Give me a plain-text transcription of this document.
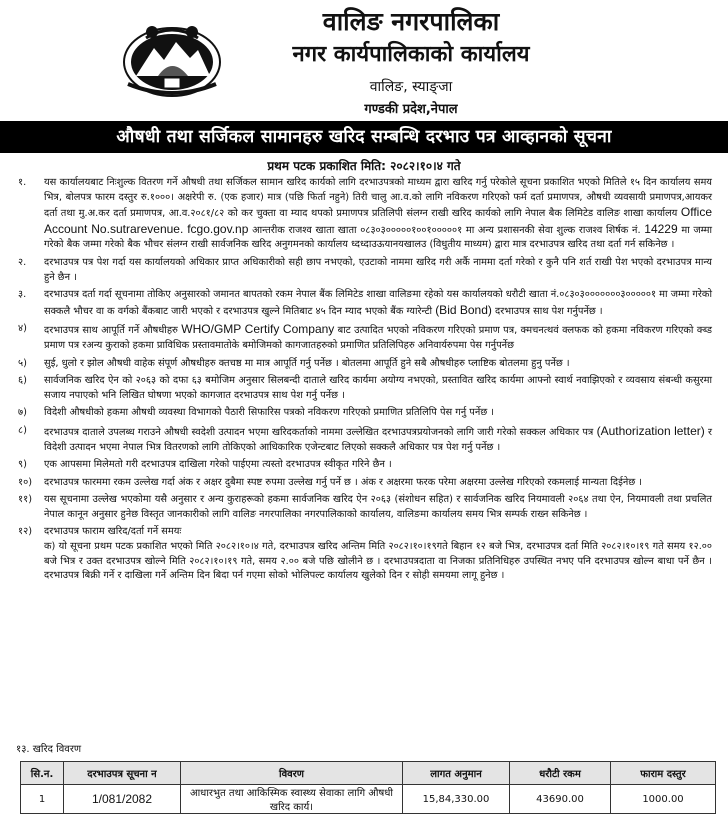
वालिङ नगरपालिका
नगर कार्यपालिकाको कार्यालय
वालिङ, स्याङ्जा
गण्डकी प्रदेश,नेपाल
औषधी तथा सर्जिकल सामानहरु खरिद सम्बन्धि दरभाउ पत्र आव्हानको सूचना
प्रथम पटक प्रकाशित मिति: २०८२।१०।४ गते
१.	यस कार्यालयबाट निःशुल्क वितरण गर्ने औषधी तथा सर्जिकल सामान खरिद कार्यको लागि दरभाउपत्रको माध्यम द्वारा खरिद गर्नु परेकोले सूचना प्रकाशित भएको मितिले १५ दिन कार्यालय समय भित्र, बोलपत्र फारम दस्तुर रु.१०००। अक्षरेपी रु. (एक हजार) मात्र (पछि फिर्ता नहुने) तिरी चालु आ.व.को लागि नविकरण गरिएको फर्म दर्ता प्रमाणपत्र, औषधी व्यवसायी प्रमाणपत्र,आयकर दर्ता तथा मु.अ.कर दर्ता प्रमाणपत्र, आ.व.२०८१/८२ को कर चुक्ता वा म्याद थपको प्रमाणपत्र प्रतिलिपी संलग्न राखी खरिद कार्यको लागि नेपाल बैक लिमिटेड वालिङ शाखा कार्यालय Office Account No.sutrarevenue. fcgo.gov.np आन्तरीक राजश्व खाता खाता ०८३०३०००००१००१०००००१ मा अन्य प्रशासनकी सेवा शुल्क राजश्व शिर्षक नं. 14229 मा जम्मा गरेको बैक जम्मा गरेको बैक भौचर संलग्न राखी सार्वजनिक खरिद अनुगमनको कार्यालय ध्दध्दाउऊयानयखालउ (विधुतीय माध्यम) द्वारा मात्र दरभाउपत्र खरिद तथा दर्ता गर्न सकिनेछ ।
२.	दरभाउपत्र पत्र पेश गर्दा यस कार्यालयको अधिकार प्राप्त अधिकारीको सही छाप नभएको, एउटाको नाममा खरिद गरी अर्कै नाममा दर्ता गरेको र कुनै पनि शर्त राखी पेश भएको दरभाउपत्र मान्य हुने छैन ।
३.	दरभाउपत्र दर्ता गर्दा सूचनामा तोकिए अनुसारको जमानत बापतको रकम नेपाल बैंक लिमिटेड शाखा वालिङमा रहेको यस कार्यालयको धरौटी खाता नं.०८३०३०००००००३०००००१ मा जम्मा गरेको सक्कलै भौचर वा क वर्गको बैंकबाट जारी भएको र दरभाउपत्र खुल्ने मितिबाट ४५ दिन म्याद भएको बैंक ग्यारेन्टी (Bid Bond) दरभाउपत्र साथ पेश गर्नुपर्नेछ ।
४)	दरभाउपत्र साथ आपूर्ति गर्ने औषधीहरु WHO/GMP Certify Company बाट उत्पादित भएको नविकरण गरिएको प्रमाण पत्र, क्मचनत्थवं क्लफक को हकमा नविकरण गरिएको क्ब्ड प्रमाण पत्र रअन्य कुराको हकमा प्राविधिक प्रस्तावमातोके बमोजिमको कागजातहरुको प्रमाणित प्रतिलिपिहरु अनिवार्यरुपमा पेस गर्नुपर्नेछ
५)	सुई, धुलो र झोल औषधी वाहेक संपूर्ण औषधीहरु क्तचष्ठ मा मात्र आपूर्ति गर्नु पर्नेछ । बोतलमा आपूर्ति हुने सबै औषधीहरु प्लाष्टिक बोतलमा हुनु पर्नेछ ।
६)	सार्वजनिक खरिद ऐन को २०६३ को दफा ६३ बमोजिम अनुसार सिलबन्दी दाताले खरिद कार्यमा अयोग्य नभएको, प्रस्तावित खरिद कार्यमा आफ्नो स्वार्थ नवाझिएको र व्यवसाय संबन्धी कसुरमा सजाय नपाएको भनि लिखित घोषणा भएको कागजात दरभाउपत्र साथ पेश गर्नु पर्नेछ ।
७)	विदेशी औषधीको हकमा औषधी व्यवस्था विभागको पैठारी सिफारिस पत्रको नविकरण गरिएको प्रमाणित प्रतिलिपि पेस गर्नु पर्नेछ ।
८)	दरभाउपत्र दाताले उपलब्ध गराउने औषधी स्वदेशी उत्पादन भएमा खरिदकर्ताको नाममा उल्लेखित दरभाउपत्रप्रयोजनको लागि जारी गरेको सक्कल अधिकार पत्र (Authorization letter) र विदेशी उत्पादन भएमा नेपाल भित्र वितरणको लागि तोकिएको आधिकारिक एजेन्टबाट लिएको सक्कलै अधिकार पत्र पेश गर्नु पर्नेछ ।
९)	एक आपसमा मिलेमतो गरी दरभाउपत्र दाखिला गरेको पाईएमा त्यस्तो दरभाउपत्र स्वीकृत गरिने छैन ।
१०)	दरभाउपत्र फारममा रकम उल्लेख गर्दा अंक र अक्षर दुबैमा स्पष्ट रुपमा उल्लेख गर्नु पर्ने छ । अंक र अक्षरमा फरक परेमा अक्षरमा उल्लेख गरिएको रकमलाई मान्यता दिईनेछ ।
११)	यस सूचनामा उल्लेख भएकोमा यसै अनुसार र अन्य कुराहरूको हकमा सार्वजनिक खरिद ऐन २०६३ (संशोधन सहित) र सार्वजनिक खरिद नियमावली २०६४ तथा ऐन, नियमावली तथा प्रचलित नेपाल कानून अनुसार हुनेछ विस्तृत जानकारीको लागि वालिङ नगरपालिका नगरपालिकाको कार्यालय, वालिङमा कार्यालय समय भित्र सम्पर्क राख्न सकिनेछ ।
१२)	दरभाउपत्र फाराम खरिद/दर्ता गर्ने समयः
क) यो सूचना प्रथम पटक प्रकाशित भएको मिति २०८२।१०।४ गते, दरभाउपत्र खरिद अन्तिम मिति २०८२।१०।१९गते बिहान १२ बजे भित्र, दरभाउपत्र दर्ता मिति २०८२।१०।१९ गते समय १२.०० बजे भित्र र उक्त दरभाउपत्र खोल्ने मिति २०८२।१०।१९ गते, समय २.०० बजे पछि खोलीने छ । दरभाउपत्रदाता वा निजका प्रतिनिधिहरु उपस्थित नभए पनि दरभाउपत्र खोल्न बाधा पर्ने छैन । दरभाउपत्र बिक्री गर्ने र दाखिला गर्ने अन्तिम दिन बिदा पर्न गएमा सोको भोलिपल्ट कार्यालय खुलेको दिन र सोही समयमा लागू हुनेछ ।
१३. खरिद विवरण
सि.न.	दरभाउपत्र सूचना न	विवरण	लागत अनुमान	धरौटी रकम	फाराम दस्तुर
1	1/081/2082	आधारभुत तथा आकिस्मिक स्वास्थ्य सेवाका लागि औषधी खरिद कार्य।	15,84,330.00	43690.00	1000.00
